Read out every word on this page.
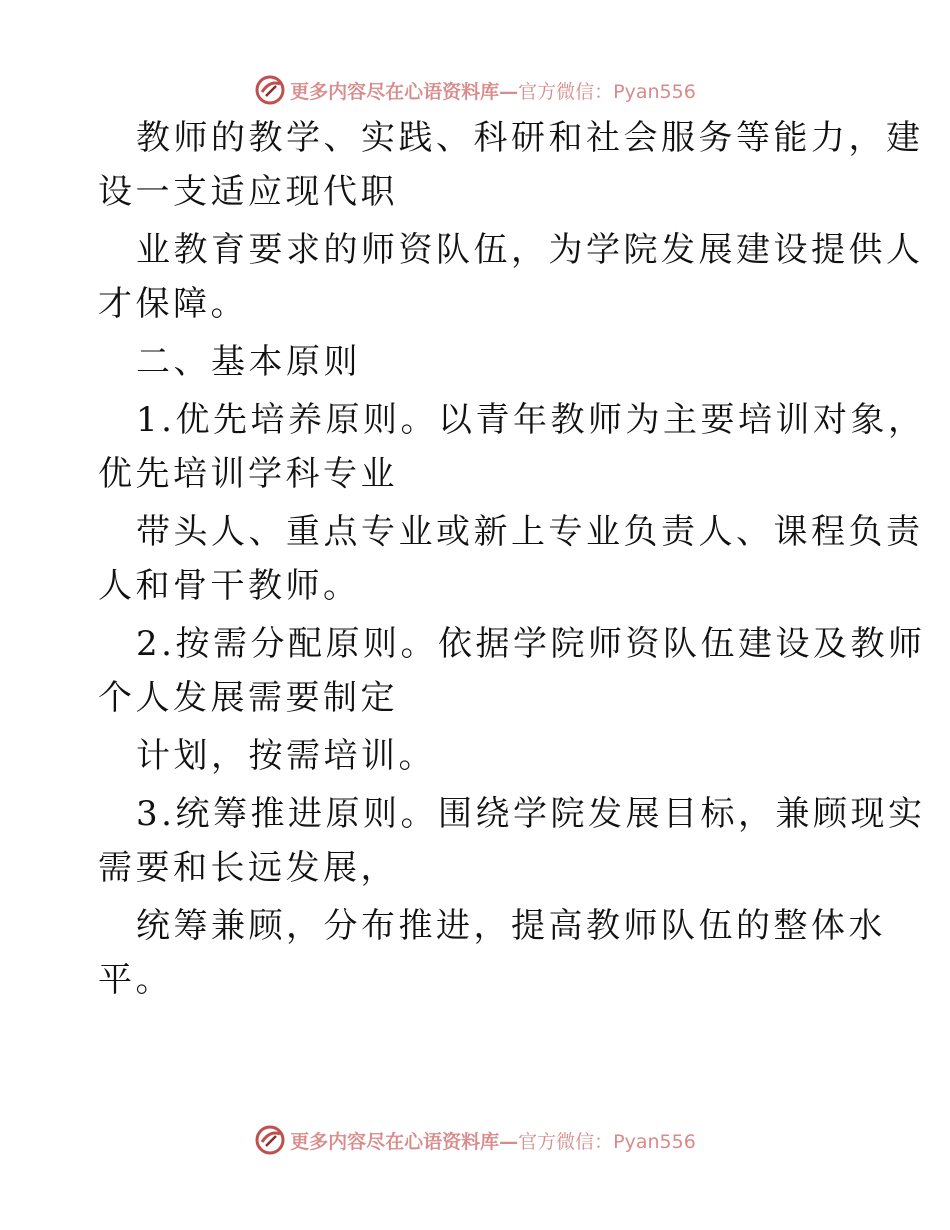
更多内容尽在心语资料库— 官方微信：Pyan556

教师的教学、实践、科研和社会服务等能力，建

设一支适应现代职

业教育要求的师资队伍，为学院发展建设提供人

才保障。

二、基本原则

1.优先培养原则。以青年教师为主要培训对象，

优先培训学科专业

带头人、重点专业或新上专业负责人、课程负责

人和骨干教师。

2.按需分配原则。依据学院师资队伍建设及教师

个人发展需要制定

计划，按需培训。

3.统筹推进原则。围绕学院发展目标，兼顾现实

需要和长远发展，

统筹兼顾，分布推进，提高教师队伍的整体水

平。

更多内容尽在心语资料库— 官方微信：Pyan556
